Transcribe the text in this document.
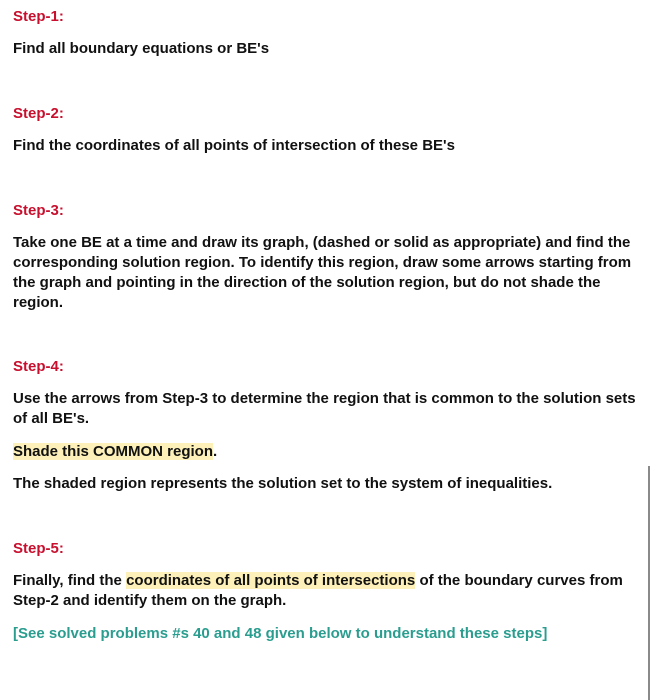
Step-1:

Find all boundary equations or BE's

Step-2:

Find the coordinates of all points of intersection of these BE's

Step-3:

Take one BE at a time and draw its graph, (dashed or solid as appropriate) and find the corresponding solution region. To identify this region, draw some arrows starting from the graph and pointing in the direction of the solution region, but do not shade the region.

Step-4:

Use the arrows from Step-3 to determine the region that is common to the solution sets of all BE's.

Shade this COMMON region.

The shaded region represents the solution set to the system of inequalities.

Step-5:

Finally, find the coordinates of all points of intersections of the boundary curves from Step-2 and identify them on the graph.

[See solved problems #s 40 and 48 given below to understand these steps]
